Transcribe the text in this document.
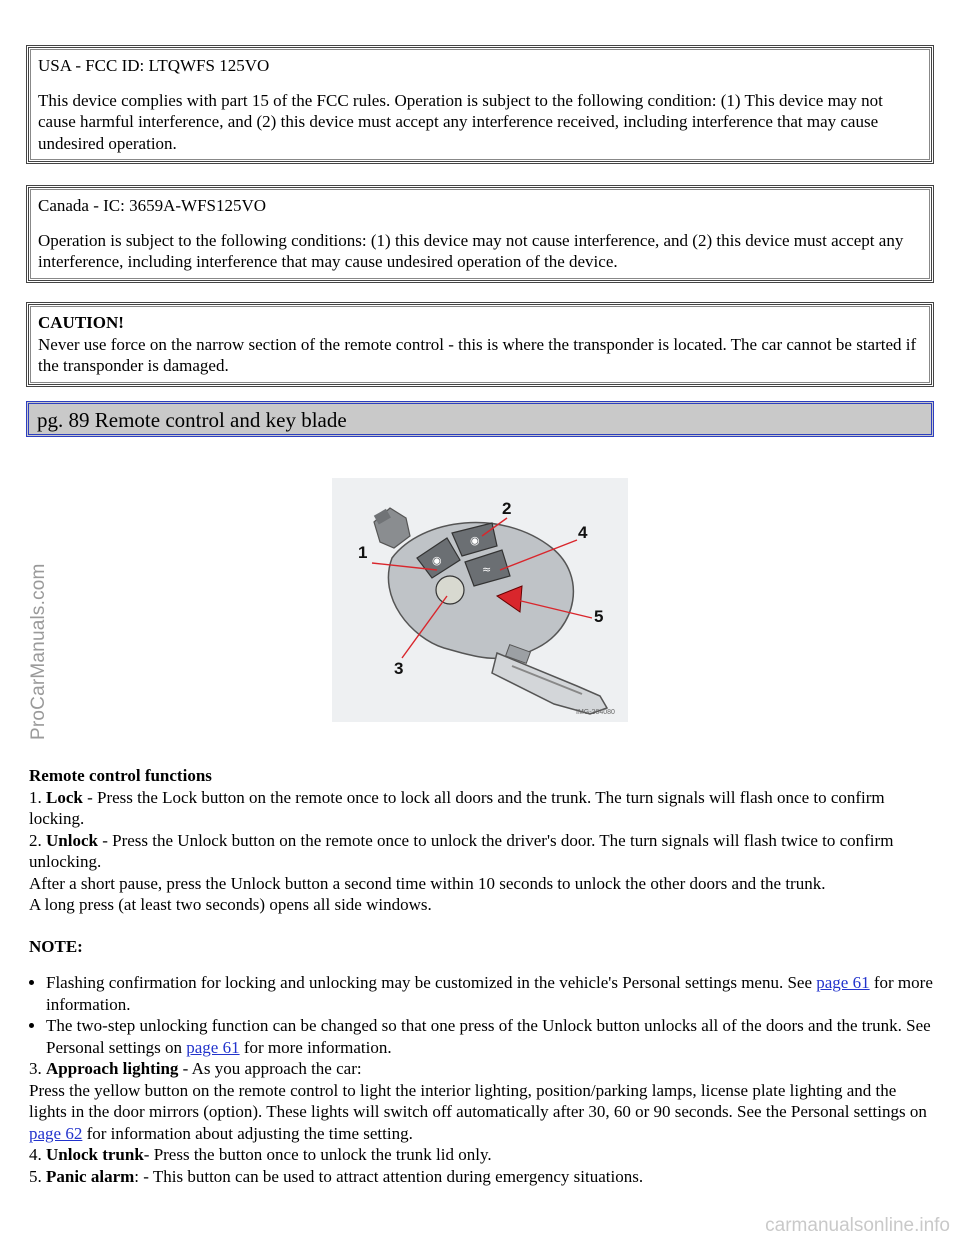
ProCarManuals.com
carmanualsonline.info

USA - FCC ID: LTQWFS 125VO

This device complies with part 15 of the FCC rules. Operation is subject to the following condition: (1) This device may not cause harmful interference, and (2) this device must accept any interference received, including interference that may cause undesired operation.

Canada - IC: 3659A-WFS125VO

Operation is subject to the following conditions: (1) this device may not cause interference, and (2) this device must accept any interference, including interference that may cause undesired operation of the device.

CAUTION!

Never use force on the narrow section of the remote control - this is where the transponder is located. The car cannot be started if the transponder is damaged.

pg. 89 Remote control and key blade
◉
◉
≈
1
2
4
3
5
IMG-204080

Remote control functions

1. Lock - Press the Lock button on the remote once to lock all doors and the trunk. The turn signals will flash once to confirm locking.

2. Unlock - Press the Unlock button on the remote once to unlock the driver's door. The turn signals will flash twice to confirm unlocking.

After a short pause, press the Unlock button a second time within 10 seconds to unlock the other doors and the trunk.

A long press (at least two seconds) opens all side windows.

NOTE:

• Flashing confirmation for locking and unlocking may be customized in the vehicle's Personal settings menu. See page 61 for more information.
• The two-step unlocking function can be changed so that one press of the Unlock button unlocks all of the doors and the trunk. See Personal settings on page 61 for more information.

3. Approach lighting - As you approach the car:

Press the yellow button on the remote control to light the interior lighting, position/parking lamps, license plate lighting and the lights in the door mirrors (option). These lights will switch off automatically after 30, 60 or 90 seconds. See the Personal settings on page 62 for information about adjusting the time setting.

4. Unlock trunk- Press the button once to unlock the trunk lid only.

5. Panic alarm: - This button can be used to attract attention during emergency situations.
